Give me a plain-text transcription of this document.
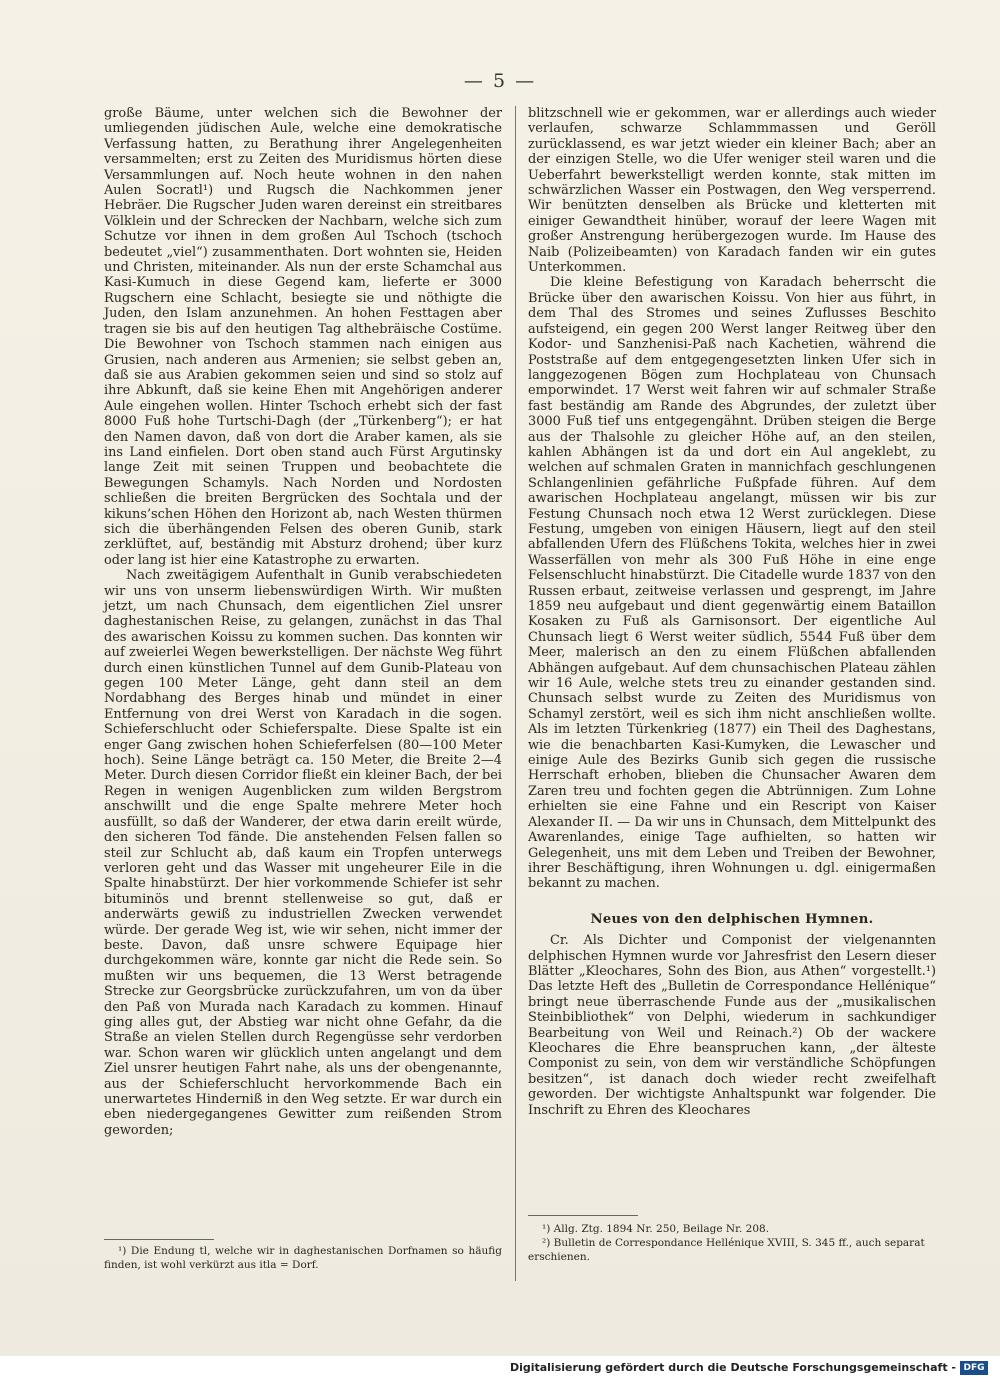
— 5 —

große Bäume, unter welchen sich die Bewohner der umliegenden jüdischen Aule, welche eine demokratische Verfassung hatten, zu Berathung ihrer Angelegenheiten versammelten; erst zu Zeiten des Muridismus hörten diese Versammlungen auf. Noch heute wohnen in den nahen Aulen Socratl¹) und Rugsch die Nachkommen jener Hebräer. Die Rugscher Juden waren dereinst ein streitbares Völklein und der Schrecken der Nachbarn, welche sich zum Schutze vor ihnen in dem großen Aul Tschoch (tschoch bedeutet „viel“) zusammenthaten. Dort wohnten sie, Heiden und Christen, miteinander. Als nun der erste Schamchal aus Kasi-Kumuch in diese Gegend kam, lieferte er 3000 Rugschern eine Schlacht, besiegte sie und nöthigte die Juden, den Islam anzunehmen. An hohen Festtagen aber tragen sie bis auf den heutigen Tag althebräische Costüme. Die Bewohner von Tschoch stammen nach einigen aus Grusien, nach anderen aus Armenien; sie selbst geben an, daß sie aus Arabien gekommen seien und sind so stolz auf ihre Abkunft, daß sie keine Ehen mit Angehörigen anderer Aule eingehen wollen. Hinter Tschoch erhebt sich der fast 8000 Fuß hohe Turtschi-Dagh (der „Türkenberg“); er hat den Namen davon, daß von dort die Araber kamen, als sie ins Land einfielen. Dort oben stand auch Fürst Argutinsky lange Zeit mit seinen Truppen und beobachtete die Bewegungen Schamyls. Nach Norden und Nordosten schließen die breiten Bergrücken des Sochtala und der kikuns’schen Höhen den Horizont ab, nach Westen thürmen sich die überhängenden Felsen des oberen Gunib, stark zerklüftet, auf, beständig mit Absturz drohend; über kurz oder lang ist hier eine Katastrophe zu erwarten.

Nach zweitägigem Aufenthalt in Gunib verabschiedeten wir uns von unserm liebenswürdigen Wirth. Wir mußten jetzt, um nach Chunsach, dem eigentlichen Ziel unsrer daghestanischen Reise, zu gelangen, zunächst in das Thal des awarischen Koissu zu kommen suchen. Das konnten wir auf zweierlei Wegen bewerkstelligen. Der nächste Weg führt durch einen künstlichen Tunnel auf dem Gunib-Plateau von gegen 100 Meter Länge, geht dann steil an dem Nordabhang des Berges hinab und mündet in einer Entfernung von drei Werst von Karadach in die sogen. Schieferschlucht oder Schieferspalte. Diese Spalte ist ein enger Gang zwischen hohen Schieferfelsen (80—100 Meter hoch). Seine Länge beträgt ca. 150 Meter, die Breite 2—4 Meter. Durch diesen Corridor fließt ein kleiner Bach, der bei Regen in wenigen Augenblicken zum wilden Bergstrom anschwillt und die enge Spalte mehrere Meter hoch ausfüllt, so daß der Wanderer, der etwa darin ereilt würde, den sicheren Tod fände. Die anstehenden Felsen fallen so steil zur Schlucht ab, daß kaum ein Tropfen unterwegs verloren geht und das Wasser mit ungeheurer Eile in die Spalte hinabstürzt. Der hier vorkommende Schiefer ist sehr bituminös und brennt stellenweise so gut, daß er anderwärts gewiß zu industriellen Zwecken verwendet würde. Der gerade Weg ist, wie wir sehen, nicht immer der beste. Davon, daß unsre schwere Equipage hier durchgekommen wäre, konnte gar nicht die Rede sein. So mußten wir uns bequemen, die 13 Werst betragende Strecke zur Georgsbrücke zurückzufahren, um von da über den Paß von Murada nach Karadach zu kommen. Hinauf ging alles gut, der Abstieg war nicht ohne Gefahr, da die Straße an vielen Stellen durch Regengüsse sehr verdorben war. Schon waren wir glücklich unten angelangt und dem Ziel unsrer heutigen Fahrt nahe, als uns der obengenannte, aus der Schieferschlucht hervorkommende Bach ein unerwartetes Hinderniß in den Weg setzte. Er war durch ein eben niedergegangenes Gewitter zum reißenden Strom geworden;

blitzschnell wie er gekommen, war er allerdings auch wieder verlaufen, schwarze Schlammmassen und Geröll zurücklassend, es war jetzt wieder ein kleiner Bach; aber an der einzigen Stelle, wo die Ufer weniger steil waren und die Ueberfahrt bewerkstelligt werden konnte, stak mitten im schwärzlichen Wasser ein Postwagen, den Weg versperrend. Wir benützten denselben als Brücke und kletterten mit einiger Gewandtheit hinüber, worauf der leere Wagen mit großer Anstrengung herübergezogen wurde. Im Hause des Naib (Polizeibeamten) von Karadach fanden wir ein gutes Unterkommen.

Die kleine Befestigung von Karadach beherrscht die Brücke über den awarischen Koissu. Von hier aus führt, in dem Thal des Stromes und seines Zuflusses Beschito aufsteigend, ein gegen 200 Werst langer Reitweg über den Kodor- und Sanzhenisi-Paß nach Kachetien, während die Poststraße auf dem entgegengesetzten linken Ufer sich in langgezogenen Bögen zum Hochplateau von Chunsach emporwindet. 17 Werst weit fahren wir auf schmaler Straße fast beständig am Rande des Abgrundes, der zuletzt über 3000 Fuß tief uns entgegengähnt. Drüben steigen die Berge aus der Thalsohle zu gleicher Höhe auf, an den steilen, kahlen Abhängen ist da und dort ein Aul angeklebt, zu welchen auf schmalen Graten in mannichfach geschlungenen Schlangenlinien gefährliche Fußpfade führen. Auf dem awarischen Hochplateau angelangt, müssen wir bis zur Festung Chunsach noch etwa 12 Werst zurücklegen. Diese Festung, umgeben von einigen Häusern, liegt auf den steil abfallenden Ufern des Flüßchens Tokita, welches hier in zwei Wasserfällen von mehr als 300 Fuß Höhe in eine enge Felsenschlucht hinabstürzt. Die Citadelle wurde 1837 von den Russen erbaut, zeitweise verlassen und gesprengt, im Jahre 1859 neu aufgebaut und dient gegenwärtig einem Bataillon Kosaken zu Fuß als Garnisonsort. Der eigentliche Aul Chunsach liegt 6 Werst weiter südlich, 5544 Fuß über dem Meer, malerisch an den zu einem Flüßchen abfallenden Abhängen aufgebaut. Auf dem chunsachischen Plateau zählen wir 16 Aule, welche stets treu zu einander gestanden sind. Chunsach selbst wurde zu Zeiten des Muridismus von Schamyl zerstört, weil es sich ihm nicht anschließen wollte. Als im letzten Türkenkrieg (1877) ein Theil des Daghestans, wie die benachbarten Kasi-Kumyken, die Lewascher und einige Aule des Bezirks Gunib sich gegen die russische Herrschaft erhoben, blieben die Chunsacher Awaren dem Zaren treu und fochten gegen die Abtrünnigen. Zum Lohne erhielten sie eine Fahne und ein Rescript von Kaiser Alexander II. — Da wir uns in Chunsach, dem Mittelpunkt des Awarenlandes, einige Tage aufhielten, so hatten wir Gelegenheit, uns mit dem Leben und Treiben der Bewohner, ihrer Beschäftigung, ihren Wohnungen u. dgl. einigermaßen bekannt zu machen.

Neues von den delphischen Hymnen.

Cr. Als Dichter und Componist der vielgenannten delphischen Hymnen wurde vor Jahresfrist den Lesern dieser Blätter „Kleochares, Sohn des Bion, aus Athen“ vorgestellt.¹) Das letzte Heft des „Bulletin de Correspondance Hellénique“ bringt neue überraschende Funde aus der „musikalischen Steinbibliothek“ von Delphi, wiederum in sachkundiger Bearbeitung von Weil und Reinach.²) Ob der wackere Kleochares die Ehre beanspruchen kann, „der älteste Componist zu sein, von dem wir verständliche Schöpfungen besitzen“, ist danach doch wieder recht zweifelhaft geworden. Der wichtigste Anhaltspunkt war folgender. Die Inschrift zu Ehren des Kleochares

¹) Die Endung tl, welche wir in daghestanischen Dorfnamen so häufig finden, ist wohl verkürzt aus itla = Dorf.

¹) Allg. Ztg. 1894 Nr. 250, Beilage Nr. 208.

²) Bulletin de Correspondance Hellénique XVIII, S. 345 ff., auch separat erschienen.

Digitalisierung gefördert durch die Deutsche Forschungsgemeinschaft - DFG
